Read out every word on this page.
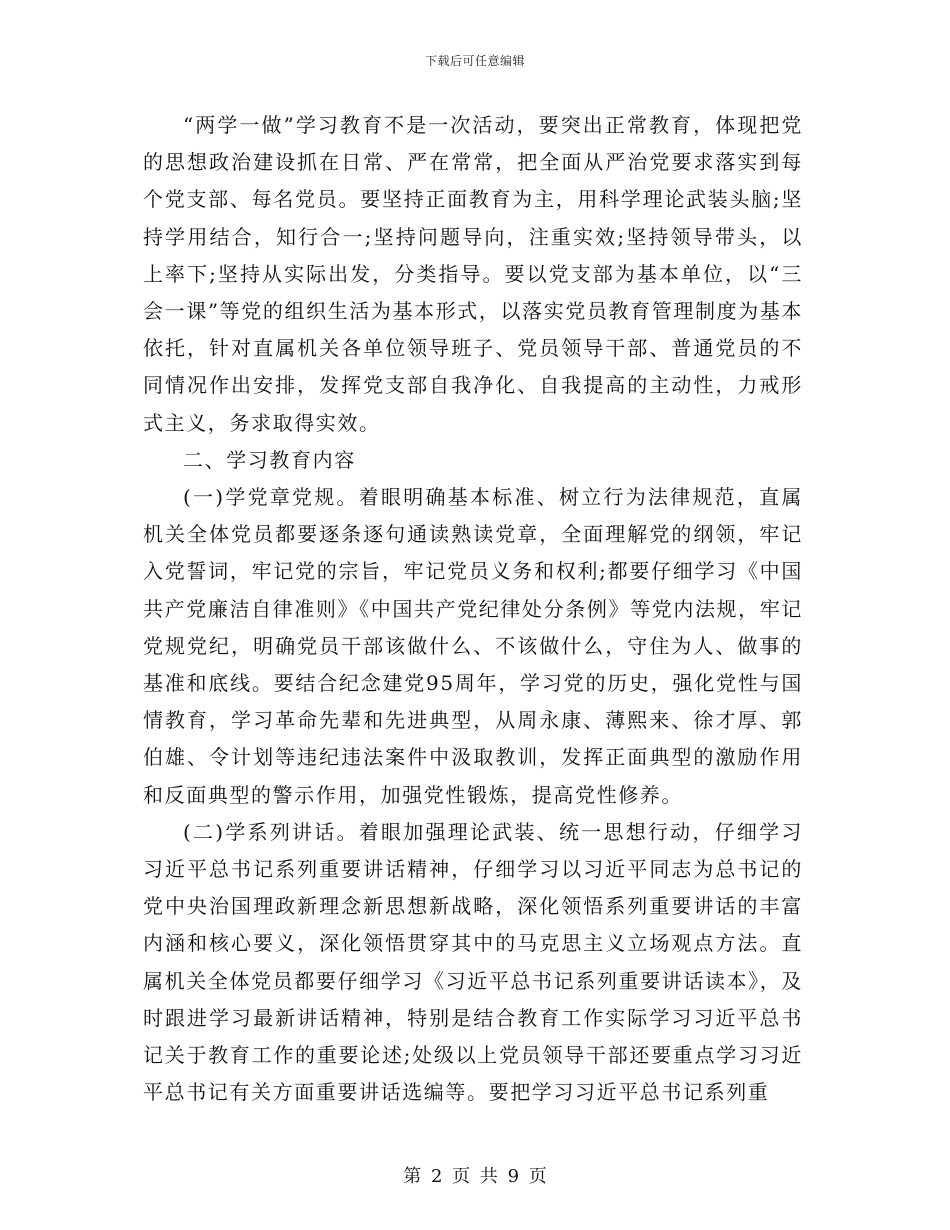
下载后可任意编辑

“两学一做”学习教育不是一次活动，要突出正常教育，体现把党的思想政治建设抓在日常、严在常常，把全面从严治党要求落实到每个党支部、每名党员。要坚持正面教育为主，用科学理论武装头脑;坚持学用结合，知行合一;坚持问题导向，注重实效;坚持领导带头，以上率下;坚持从实际出发，分类指导。要以党支部为基本单位，以“三会一课”等党的组织生活为基本形式，以落实党员教育管理制度为基本依托，针对直属机关各单位领导班子、党员领导干部、普通党员的不同情况作出安排，发挥党支部自我净化、自我提高的主动性，力戒形式主义，务求取得实效。

二、学习教育内容

(一)学党章党规。着眼明确基本标准、树立行为法律规范，直属机关全体党员都要逐条逐句通读熟读党章，全面理解党的纲领，牢记入党誓词，牢记党的宗旨，牢记党员义务和权利;都要仔细学习《中国共产党廉洁自律准则》《中国共产党纪律处分条例》等党内法规，牢记党规党纪，明确党员干部该做什么、不该做什么，守住为人、做事的基准和底线。要结合纪念建党95周年，学习党的历史，强化党性与国情教育，学习革命先辈和先进典型，从周永康、薄熙来、徐才厚、郭伯雄、令计划等违纪违法案件中汲取教训，发挥正面典型的激励作用和反面典型的警示作用，加强党性锻炼，提高党性修养。

(二)学系列讲话。着眼加强理论武装、统一思想行动，仔细学习习近平总书记系列重要讲话精神，仔细学习以习近平同志为总书记的党中央治国理政新理念新思想新战略，深化领悟系列重要讲话的丰富内涵和核心要义，深化领悟贯穿其中的马克思主义立场观点方法。直属机关全体党员都要仔细学习《习近平总书记系列重要讲话读本》，及时跟进学习最新讲话精神，特别是结合教育工作实际学习习近平总书记关于教育工作的重要论述;处级以上党员领导干部还要重点学习习近平总书记有关方面重要讲话选编等。要把学习习近平总书记系列重

第 2 页 共 9 页
